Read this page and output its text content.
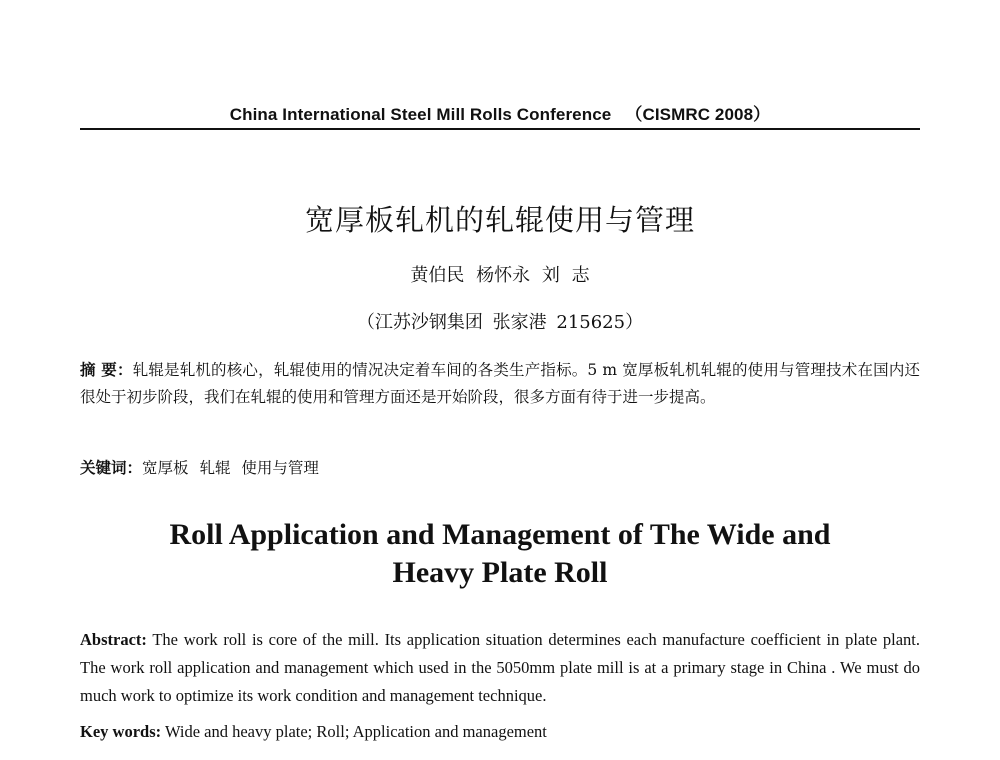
China International Steel Mill Rolls Conference （CISMRC 2008）
宽厚板轧机的轧辊使用与管理
黄伯民 杨怀永 刘 志
（江苏沙钢集团 张家港 215625）
摘 要：轧辊是轧机的核心，轧辊使用的情况决定着车间的各类生产指标。5 m 宽厚板轧机轧辊的使用与管理技术在国内还很处于初步阶段，我们在轧辊的使用和管理方面还是开始阶段，很多方面有待于进一步提高。
关键词：宽厚板 轧辊 使用与管理
Roll Application and Management of The Wide and
Heavy Plate Roll
Abstract: The work roll is core of the mill. Its application situation determines each manufacture coefficient in plate plant. The work roll application and management which used in the 5050mm plate mill is at a primary stage in China . We must do much work to optimize its work condition and management technique.
Key words: Wide and heavy plate; Roll; Application and management
